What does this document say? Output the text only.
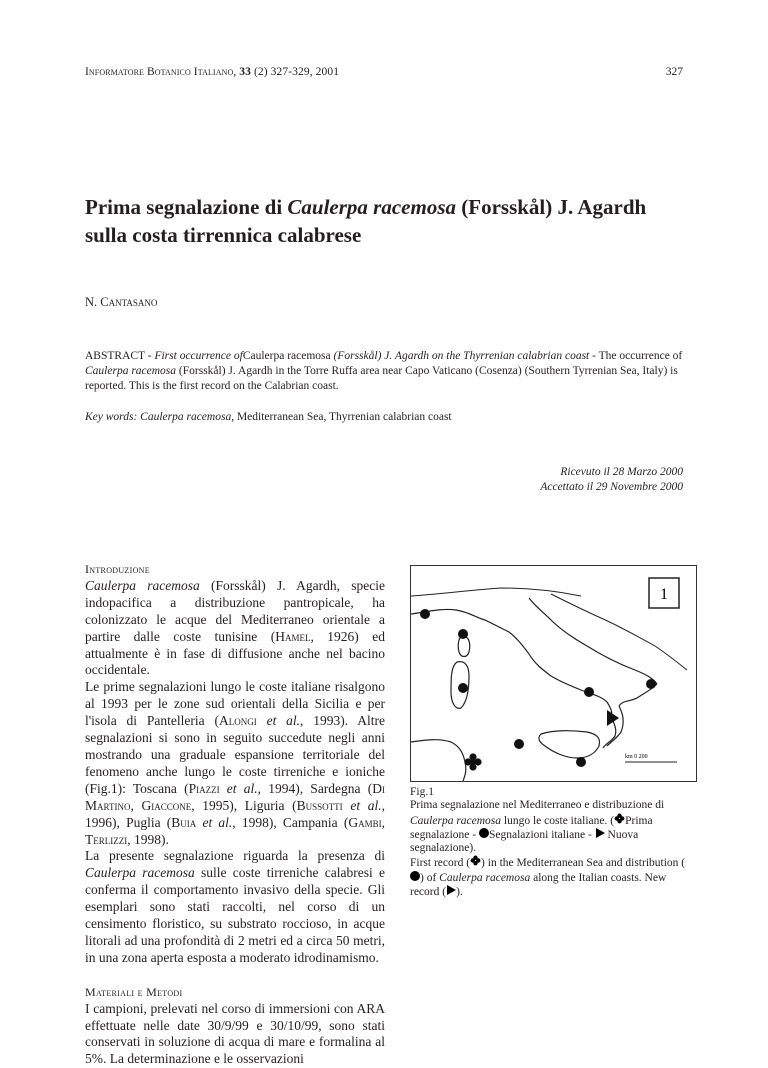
Informatore Botanico Italiano, 33 (2) 327-329, 2001	327
Prima segnalazione di Caulerpa racemosa (Forsskål) J. Agardh
sulla costa tirrennica calabrese
N. Cantasano
ABSTRACT - First occurrence ofCaulerpa racemosa (Forsskål) J. Agardh on the Thyrrenian calabrian coast - The occurrence of Caulerpa racemosa (Forsskål) J. Agardh in the Torre Ruffa area near Capo Vaticano (Cosenza) (Southern Tyrrenian Sea, Italy) is reported. This is the first record on the Calabrian coast.
Key words: Caulerpa racemosa, Mediterranean Sea, Thyrrenian calabrian coast
Ricevuto il 28 Marzo 2000
Accettato il 29 Novembre 2000
Introduzione

Caulerpa racemosa (Forsskål) J. Agardh, specie indopacifica a distribuzione pantropicale, ha colonizzato le acque del Mediterraneo orientale a partire dalle coste tunisine (Hamel, 1926) ed attualmente è in fase di diffusione anche nel bacino occidentale.

Le prime segnalazioni lungo le coste italiane risalgono al 1993 per le zone sud orientali della Sicilia e per l'isola di Pantelleria (Alongi et al., 1993). Altre segnalazioni si sono in seguito succedute negli anni mostrando una graduale espansione territoriale del fenomeno anche lungo le coste tirreniche e ioniche (Fig.1): Toscana (Piazzi et al., 1994), Sardegna (Di Martino, Giaccone, 1995), Liguria (Bussotti et al., 1996), Puglia (Buia et al., 1998), Campania (Gambi, Terlizzi, 1998).

La presente segnalazione riguarda la presenza di Caulerpa racemosa sulle coste tirreniche calabresi e conferma il comportamento invasivo della specie. Gli esemplari sono stati raccolti, nel corso di un censimento floristico, su substrato roccioso, in acque litorali ad una profondità di 2 metri ed a circa 50 metri, in una zona aperta esposta a moderato idrodinamismo.

Materiali e Metodi

I campioni, prelevati nel corso di immersioni con ARA effettuate nelle date 30/9/99 e 30/10/99, sono stati conservati in soluzione di acqua di mare e formalina al 5%. La determinazione e le osservazioni

1
km 0 200
Fig.1
Prima segnalazione nel Mediterraneo e distribuzione di Caulerpa racemosa lungo le coste italiane. ( Prima segnalazione - Segnalazioni italiane - Nuova segnalazione).
First record ( ) in the Mediterranean Sea and distribution () of Caulerpa racemosa along the Italian coasts. New record ( ).
